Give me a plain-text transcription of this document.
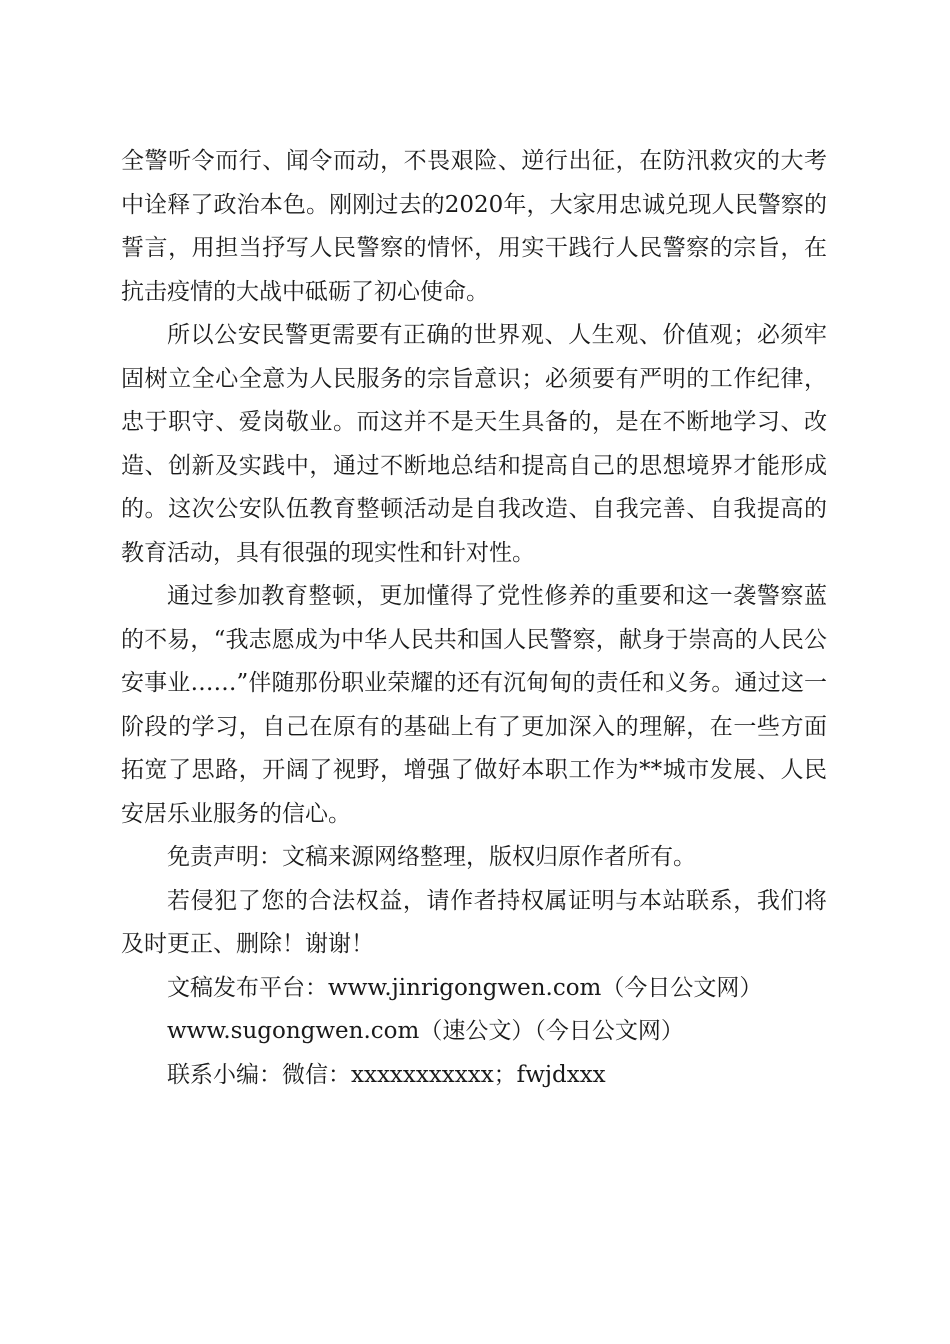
全警听令而行、闻令而动，不畏艰险、逆行出征，在防汛救灾的大考中诠释了政治本色。刚刚过去的2020年，大家用忠诚兑现人民警察的誓言，用担当抒写人民警察的情怀，用实干践行人民警察的宗旨，在抗击疫情的大战中砥砺了初心使命。

所以公安民警更需要有正确的世界观、人生观、价值观；必须牢固树立全心全意为人民服务的宗旨意识；必须要有严明的工作纪律，忠于职守、爱岗敬业。而这并不是天生具备的，是在不断地学习、改造、创新及实践中，通过不断地总结和提高自己的思想境界才能形成的。这次公安队伍教育整顿活动是自我改造、自我完善、自我提高的教育活动，具有很强的现实性和针对性。

通过参加教育整顿，更加懂得了党性修养的重要和这一袭警察蓝的不易，“我志愿成为中华人民共和国人民警察，献身于崇高的人民公安事业……”伴随那份职业荣耀的还有沉甸甸的责任和义务。通过这一阶段的学习，自己在原有的基础上有了更加深入的理解，在一些方面拓宽了思路，开阔了视野，增强了做好本职工作为**城市发展、人民安居乐业服务的信心。

免责声明：文稿来源网络整理，版权归原作者所有。

若侵犯了您的合法权益，请作者持权属证明与本站联系，我们将及时更正、删除！谢谢！

文稿发布平台：www.jinrigongwen.com（今日公文网）

www.sugongwen.com（速公文）（今日公文网）

联系小编：微信：xxxxxxxxxxx；fwjdxxx
